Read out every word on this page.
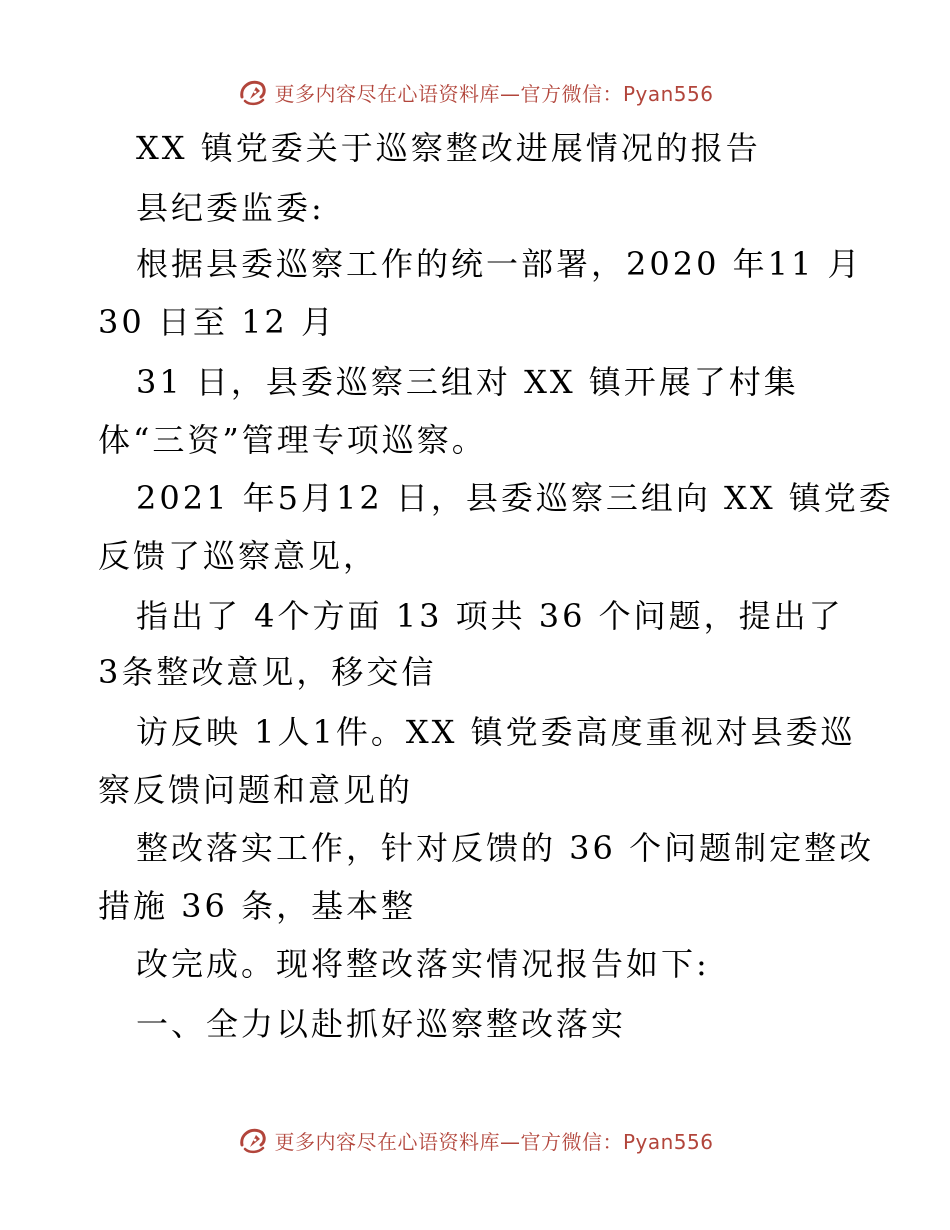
更多内容尽在心语资料库—官方微信：Pyan556
XX 镇党委关于巡察整改进展情况的报告
县纪委监委:
根据县委巡察工作的统一部署，2020 年11 月
30 日至 12 月
31 日，县委巡察三组对 XX 镇开展了村集
体“三资”管理专项巡察。
2021 年5月12 日，县委巡察三组向 XX 镇党委
反馈了巡察意见，
指出了 4个方面 13 项共 36 个问题，提出了
3条整改意见，移交信
访反映 1人1件。XX 镇党委高度重视对县委巡
察反馈问题和意见的
整改落实工作，针对反馈的 36 个问题制定整改
措施 36 条，基本整
改完成。现将整改落实情况报告如下:
一、全力以赴抓好巡察整改落实
更多内容尽在心语资料库—官方微信：Pyan556
